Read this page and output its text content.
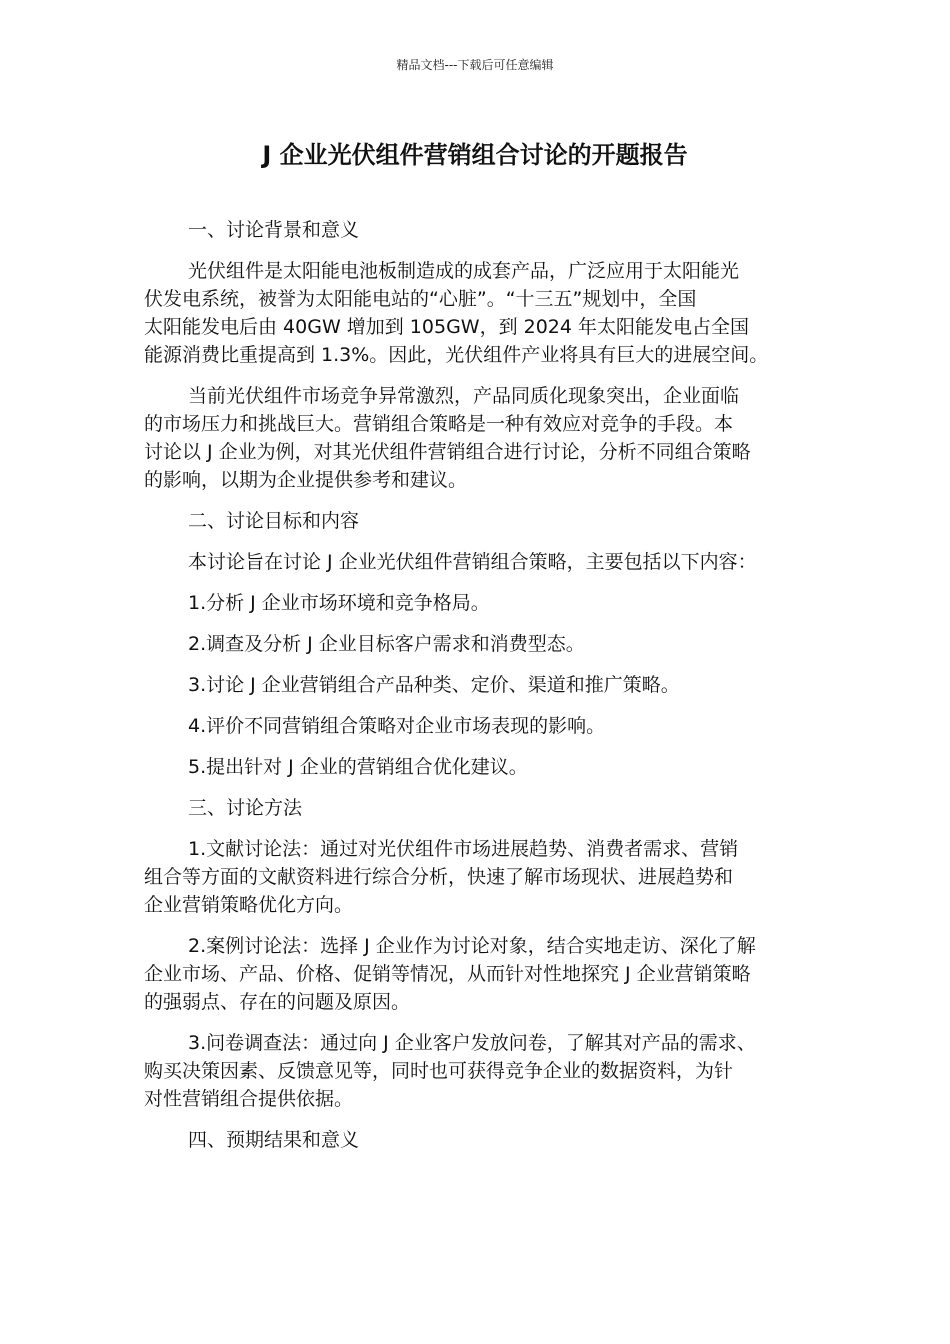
精品文档---下载后可任意编辑
J 企业光伏组件营销组合讨论的开题报告

一、讨论背景和意义

光伏组件是太阳能电池板制造成的成套产品，广泛应用于太阳能光
伏发电系统，被誉为太阳能电站的“心脏”。“十三五”规划中，全国
太阳能发电后由 40GW 增加到 105GW，到 2024 年太阳能发电占全国
能源消费比重提高到 1.3%。因此，光伏组件产业将具有巨大的进展空间。

当前光伏组件市场竞争异常激烈，产品同质化现象突出，企业面临
的市场压力和挑战巨大。营销组合策略是一种有效应对竞争的手段。本
讨论以 J 企业为例，对其光伏组件营销组合进行讨论，分析不同组合策略
的影响，以期为企业提供参考和建议。

二、讨论目标和内容

本讨论旨在讨论 J 企业光伏组件营销组合策略，主要包括以下内容：

1.分析 J 企业市场环境和竞争格局。

2.调查及分析 J 企业目标客户需求和消费型态。

3.讨论 J 企业营销组合产品种类、定价、渠道和推广策略。

4.评价不同营销组合策略对企业市场表现的影响。

5.提出针对 J 企业的营销组合优化建议。

三、讨论方法

1.文献讨论法：通过对光伏组件市场进展趋势、消费者需求、营销
组合等方面的文献资料进行综合分析，快速了解市场现状、进展趋势和
企业营销策略优化方向。

2.案例讨论法：选择 J 企业作为讨论对象，结合实地走访、深化了解
企业市场、产品、价格、促销等情况，从而针对性地探究 J 企业营销策略
的强弱点、存在的问题及原因。

3.问卷调查法：通过向 J 企业客户发放问卷，了解其对产品的需求、
购买决策因素、反馈意见等，同时也可获得竞争企业的数据资料，为针
对性营销组合提供依据。

四、预期结果和意义
